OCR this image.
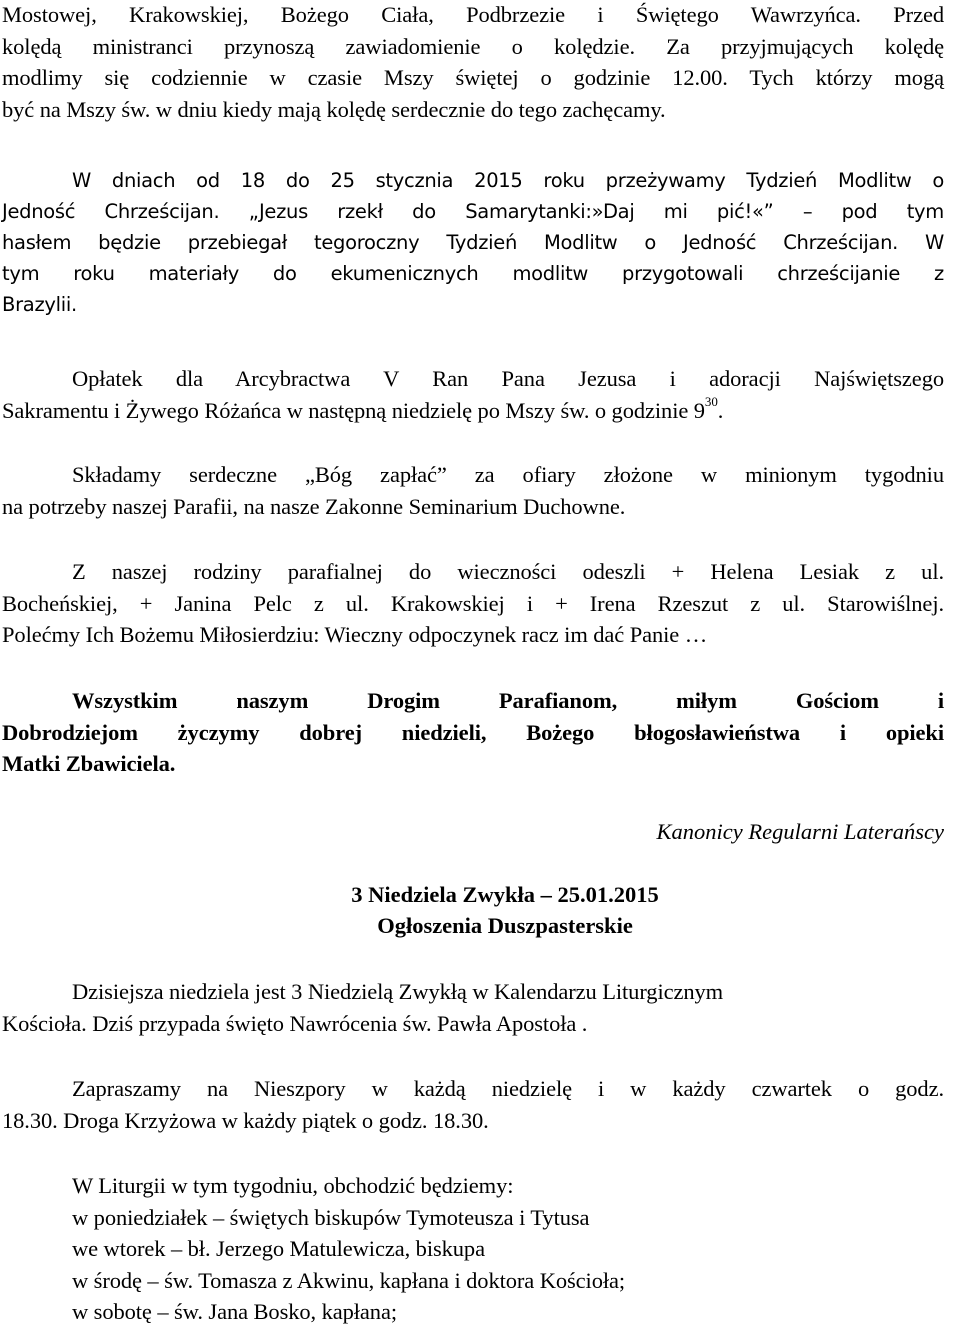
Mostowej, Krakowskiej, Bożego Ciała, Podbrzezie i Świętego Wawrzyńca. Przed
kolędą ministranci przynoszą zawiadomienie o kolędzie. Za przyjmujących kolędę
modlimy się codziennie w czasie Mszy świętej o godzinie 12.00. Tych którzy mogą
być na Mszy św. w dniu kiedy mają kolędę serdecznie do tego zachęcamy.
W dniach od 18 do 25 stycznia 2015 roku przeżywamy Tydzień Modlitw o
Jedność Chrześcijan. „Jezus rzekł do Samarytanki:»Daj mi pić!«” – pod tym
hasłem będzie przebiegał tegoroczny Tydzień Modlitw o Jedność Chrześcijan. W
tym roku materiały do ekumenicznych modlitw przygotowali chrześcijanie z
Brazylii.
Opłatek dla Arcybractwa V Ran Pana Jezusa i adoracji Najświętszego
Sakramentu i Żywego Różańca w następną niedzielę po Mszy św. o godzinie $9^{30}$.
Składamy serdeczne „Bóg zapłać” za ofiary złożone w minionym tygodniu
na potrzeby naszej Parafii, na nasze Zakonne Seminarium Duchowne.
Z naszej rodziny parafialnej do wieczności odeszli + Helena Lesiak z ul.
Bocheńskiej, + Janina Pelc z ul. Krakowskiej i + Irena Rzeszut z ul. Starowiślnej.
Polećmy Ich Bożemu Miłosierdziu: Wieczny odpoczynek racz im dać Panie …
Wszystkim naszym Drogim Parafianom, miłym Gościom i
Dobrodziejom życzymy dobrej niedzieli, Bożego błogosławieństwa i opieki
Matki Zbawiciela.
Kanonicy Regularni Laterańscy
3 Niedziela Zwykła – 25.01.2015
Ogłoszenia Duszpasterskie
Dzisiejsza niedziela jest 3 Niedzielą Zwykłą w Kalendarzu Liturgicznym
Kościoła. Dziś przypada święto Nawrócenia św. Pawła Apostoła .
Zapraszamy na Nieszpory w każdą niedzielę i w każdy czwartek o godz.
18.30. Droga Krzyżowa w każdy piątek o godz. 18.30.
W Liturgii w tym tygodniu, obchodzić będziemy:
w poniedziałek – świętych biskupów Tymoteusza i Tytusa
we wtorek – bł. Jerzego Matulewicza, biskupa
w środę – św. Tomasza z Akwinu, kapłana i doktora Kościoła;
w sobotę – św. Jana Bosko, kapłana;
